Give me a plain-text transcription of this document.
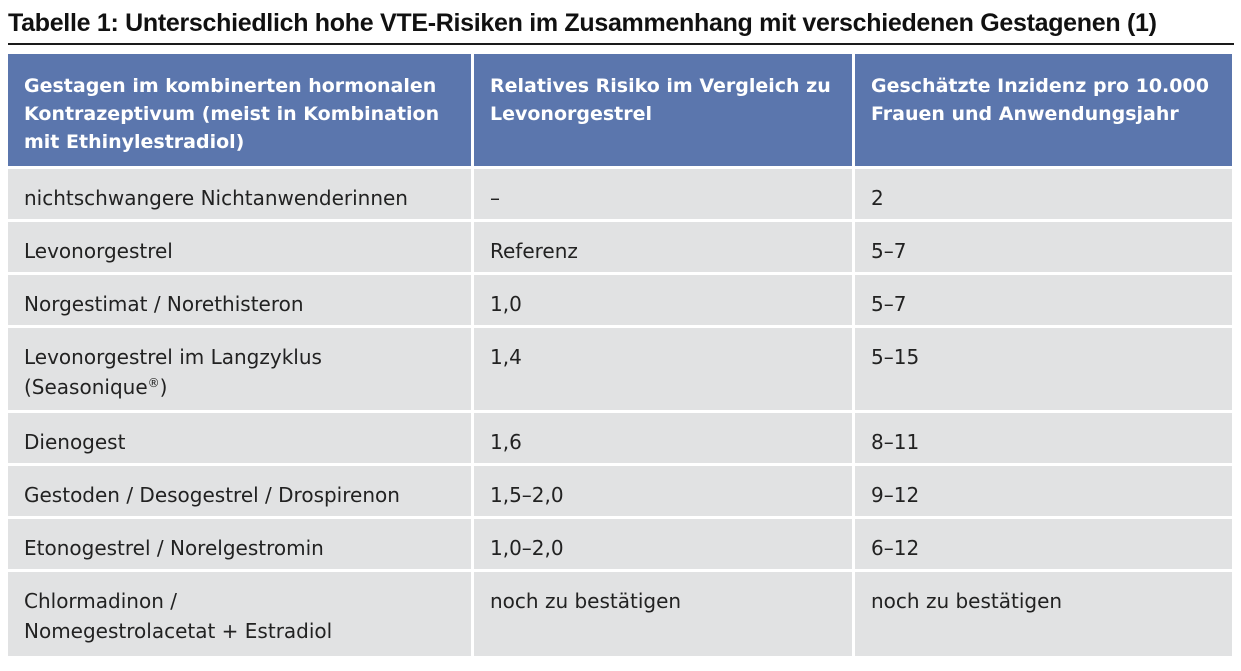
Tabelle 1: Unterschiedlich hohe VTE-Risiken im Zusammenhang mit verschiedenen Gestagenen (1)
Gestagen im kombinerten hormonalen Kontrazeptivum (meist in Kombination mit Ethinylestradiol)	Relatives Risiko im Vergleich zu Levonorgestrel	Geschätzte Inzidenz pro 10.000 Frauen und Anwendungsjahr
nichtschwangere Nichtanwenderinnen	–	2
Levonorgestrel	Referenz	5–7
Norgestimat / Norethisteron	1,0	5–7
Levonorgestrel im Langzyklus
(Seasonique®)	1,4	5–15
Dienogest	1,6	8–11
Gestoden / Desogestrel / Drospirenon	1,5–2,0	9–12
Etonogestrel / Norelgestromin	1,0–2,0	6–12
Chlormadinon /
Nomegestrolacetat + Estradiol	noch zu bestätigen	noch zu bestätigen
